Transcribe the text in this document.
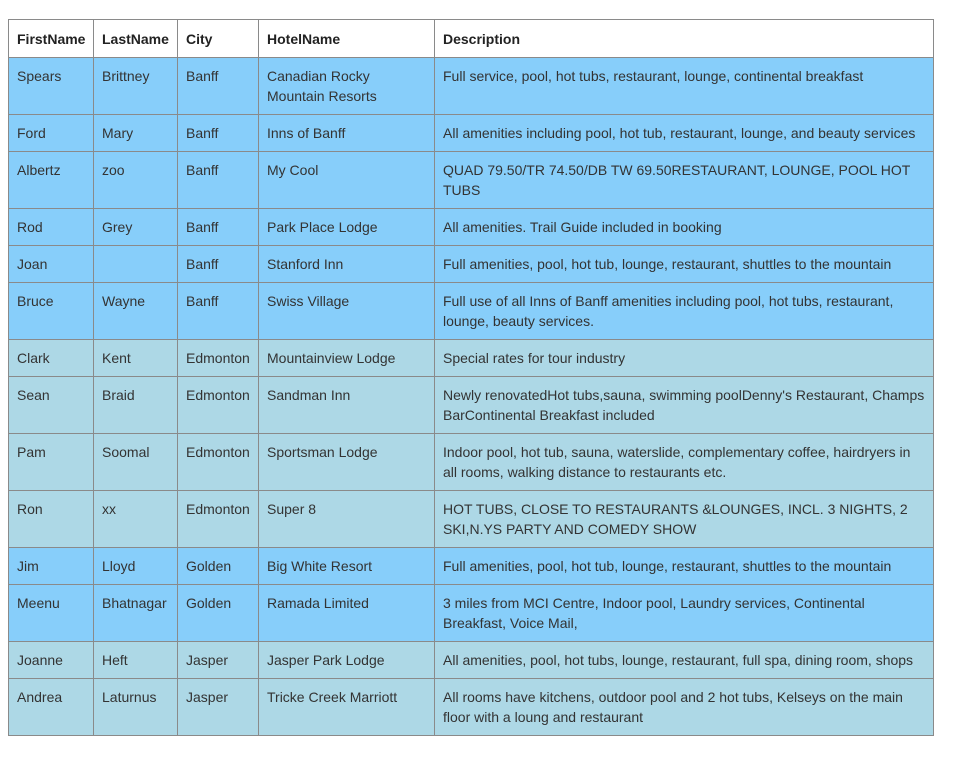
FirstName	LastName	City	HotelName	Description
Spears	Brittney	Banff	Canadian Rocky Mountain Resorts	Full service, pool, hot tubs, restaurant, lounge, continental breakfast
Ford	Mary	Banff	Inns of Banff	All amenities including pool, hot tub, restaurant, lounge, and beauty services
Albertz	zoo	Banff	My Cool	QUAD 79.50/TR 74.50/DB TW 69.50RESTAURANT, LOUNGE, POOL HOT TUBS
Rod	Grey	Banff	Park Place Lodge	All amenities. Trail Guide included in booking
Joan		Banff	Stanford Inn	Full amenities, pool, hot tub, lounge, restaurant, shuttles to the mountain
Bruce	Wayne	Banff	Swiss Village	Full use of all Inns of Banff amenities including pool, hot tubs, restaurant, lounge, beauty services.
Clark	Kent	Edmonton	Mountainview Lodge	Special rates for tour industry
Sean	Braid	Edmonton	Sandman Inn	Newly renovatedHot tubs,sauna, swimming poolDenny's Restaurant, Champs BarContinental Breakfast included
Pam	Soomal	Edmonton	Sportsman Lodge	Indoor pool, hot tub, sauna, waterslide, complementary coffee, hairdryers in all rooms, walking distance to restaurants etc.
Ron	xx	Edmonton	Super 8	HOT TUBS, CLOSE TO RESTAURANTS &LOUNGES, INCL. 3 NIGHTS, 2 SKI,N.YS PARTY AND COMEDY SHOW
Jim	Lloyd	Golden	Big White Resort	Full amenities, pool, hot tub, lounge, restaurant, shuttles to the mountain
Meenu	Bhatnagar	Golden	Ramada Limited	3 miles from MCI Centre, Indoor pool, Laundry services, Continental Breakfast, Voice Mail,
Joanne	Heft	Jasper	Jasper Park Lodge	All amenities, pool, hot tubs, lounge, restaurant, full spa, dining room, shops
Andrea	Laturnus	Jasper	Tricke Creek Marriott	All rooms have kitchens, outdoor pool and 2 hot tubs, Kelseys on the main floor with a loung and restaurant
